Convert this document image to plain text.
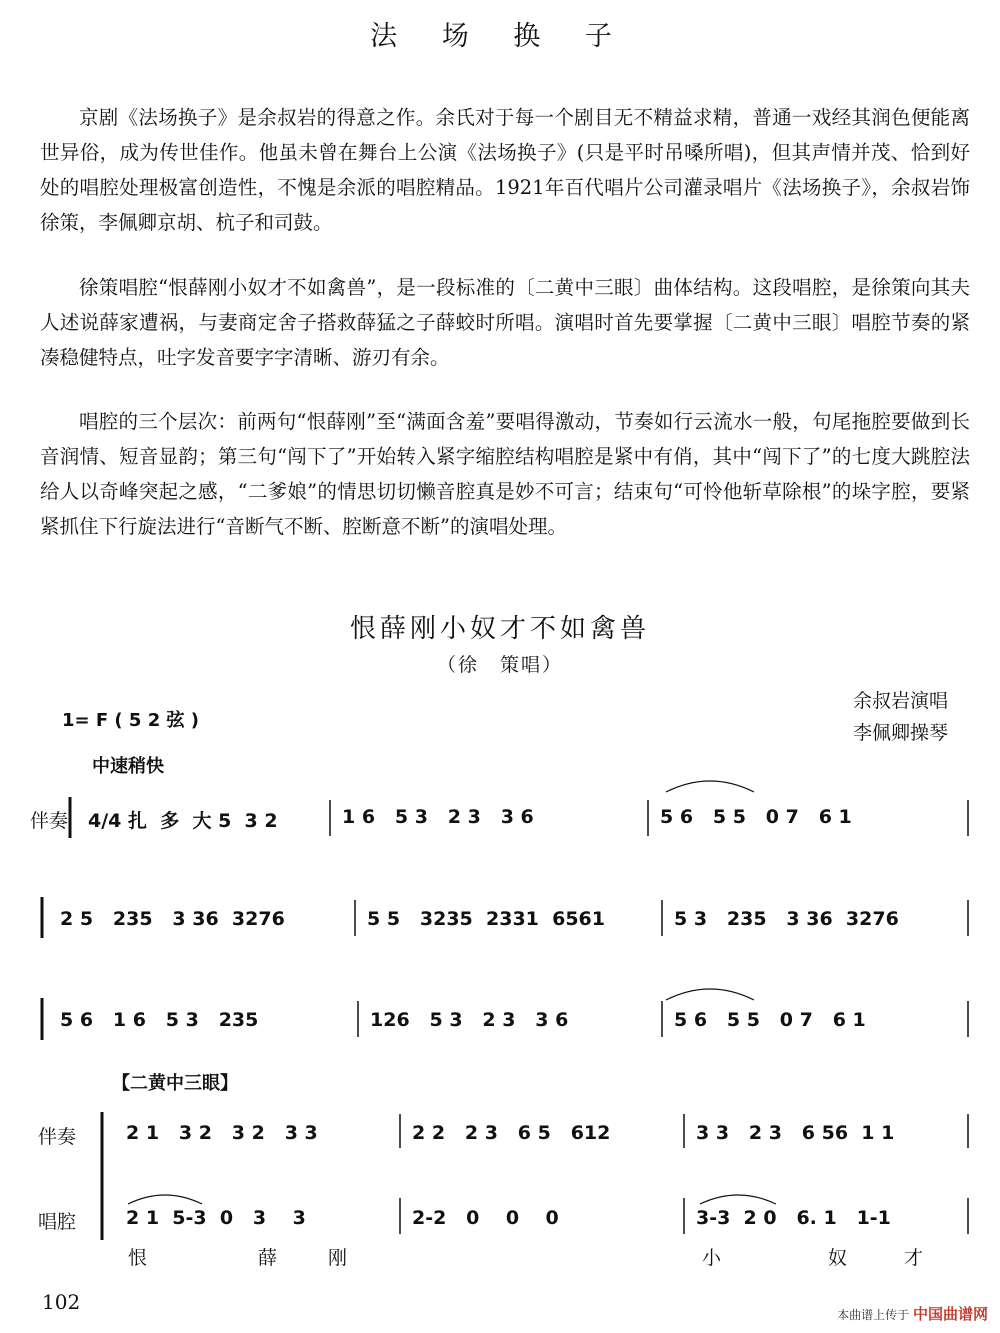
法 场 换 子

京剧《法场换子》是余叔岩的得意之作。余氏对于每一个剧目无不精益求精，普通一戏经其润色便能离世异俗，成为传世佳作。他虽未曾在舞台上公演《法场换子》(只是平时吊嗓所唱)，但其声情并茂、恰到好处的唱腔处理极富创造性，不愧是余派的唱腔精品。1921年百代唱片公司灌录唱片《法场换子》，余叔岩饰徐策，李佩卿京胡、杭子和司鼓。

徐策唱腔“恨薛刚小奴才不如禽兽”，是一段标准的〔二黄中三眼〕曲体结构。这段唱腔，是徐策向其夫人述说薛家遭祸，与妻商定舍子搭救薛猛之子薛蛟时所唱。演唱时首先要掌握〔二黄中三眼〕唱腔节奏的紧凑稳健特点，吐字发音要字字清晰、游刃有余。

唱腔的三个层次：前两句“恨薛刚”至“满面含羞”要唱得激动，节奏如行云流水一般，句尾拖腔要做到长音润情、短音显韵；第三句“闯下了”开始转入紧字缩腔结构唱腔是紧中有俏，其中“闯下了”的七度大跳腔法给人以奇峰突起之感，“二爹娘”的情思切切懒音腔真是妙不可言；结束句“可怜他斩草除根”的垛字腔，要紧紧抓住下行旋法进行“音断气不断、腔断意不断”的演唱处理。

恨薛刚小奴才不如禽兽
（徐　策唱）
余叔岩演唱
李佩卿操琴
1= F ( 5 2 弦 )
中速稍快
伴奏 4/4 扎  多  大 5  3 2	1 6   5 3   2 3   3 6	5 6   5 5   0 7   6 1
2 5   235   3 36  3276	5 5   3235  2331  6561	5 3   235   3 36  3276
5 6   1 6   5 3   235	126   5 3   2 3   3 6	5 6   5 5   0 7   6 1
【二黄中三眼】
伴奏	2 1   3 2   3 2   3 3	2 2   2 3   6 5   612	3 3   2 3   6 56  1 1
唱腔	2 1  5-3  0   3    3	2-2   0    0    0	3-3  2 0   6. 1   1-1
恨	薛	刚	小	奴	才
102
本曲谱上传于 中国曲谱网
